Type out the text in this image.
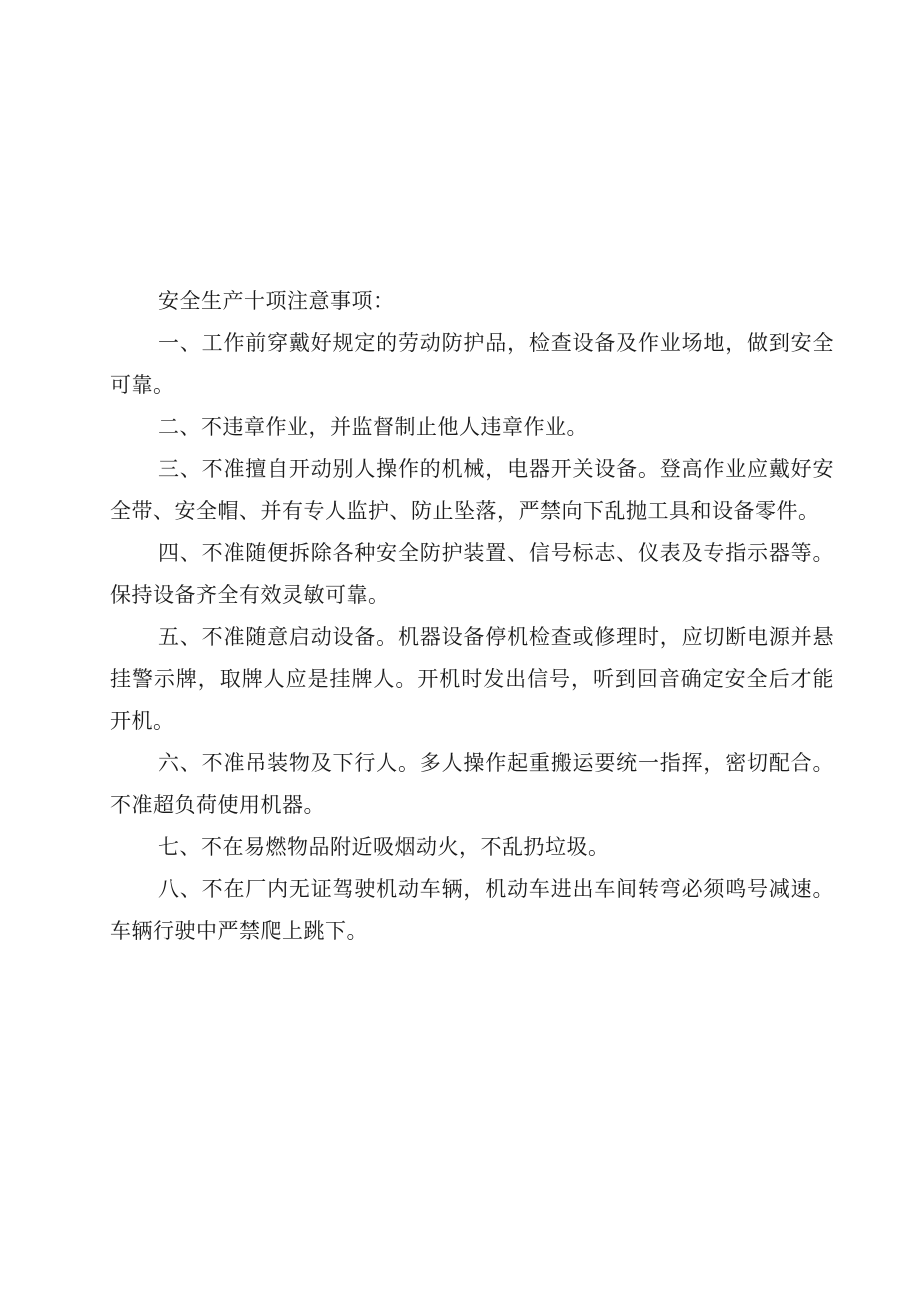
安全生产十项注意事项：

一、工作前穿戴好规定的劳动防护品，检查设备及作业场地，做到安全可靠。

二、不违章作业，并监督制止他人违章作业。

三、不准擅自开动别人操作的机械，电器开关设备。登高作业应戴好安全带、安全帽、并有专人监护、防止坠落，严禁向下乱抛工具和设备零件。

四、不准随便拆除各种安全防护装置、信号标志、仪表及专指示器等。保持设备齐全有效灵敏可靠。

五、不准随意启动设备。机器设备停机检查或修理时，应切断电源并悬挂警示牌，取牌人应是挂牌人。开机时发出信号，听到回音确定安全后才能开机。

六、不准吊装物及下行人。多人操作起重搬运要统一指挥，密切配合。不准超负荷使用机器。

七、不在易燃物品附近吸烟动火，不乱扔垃圾。

八、不在厂内无证驾驶机动车辆，机动车进出车间转弯必须鸣号减速。车辆行驶中严禁爬上跳下。
